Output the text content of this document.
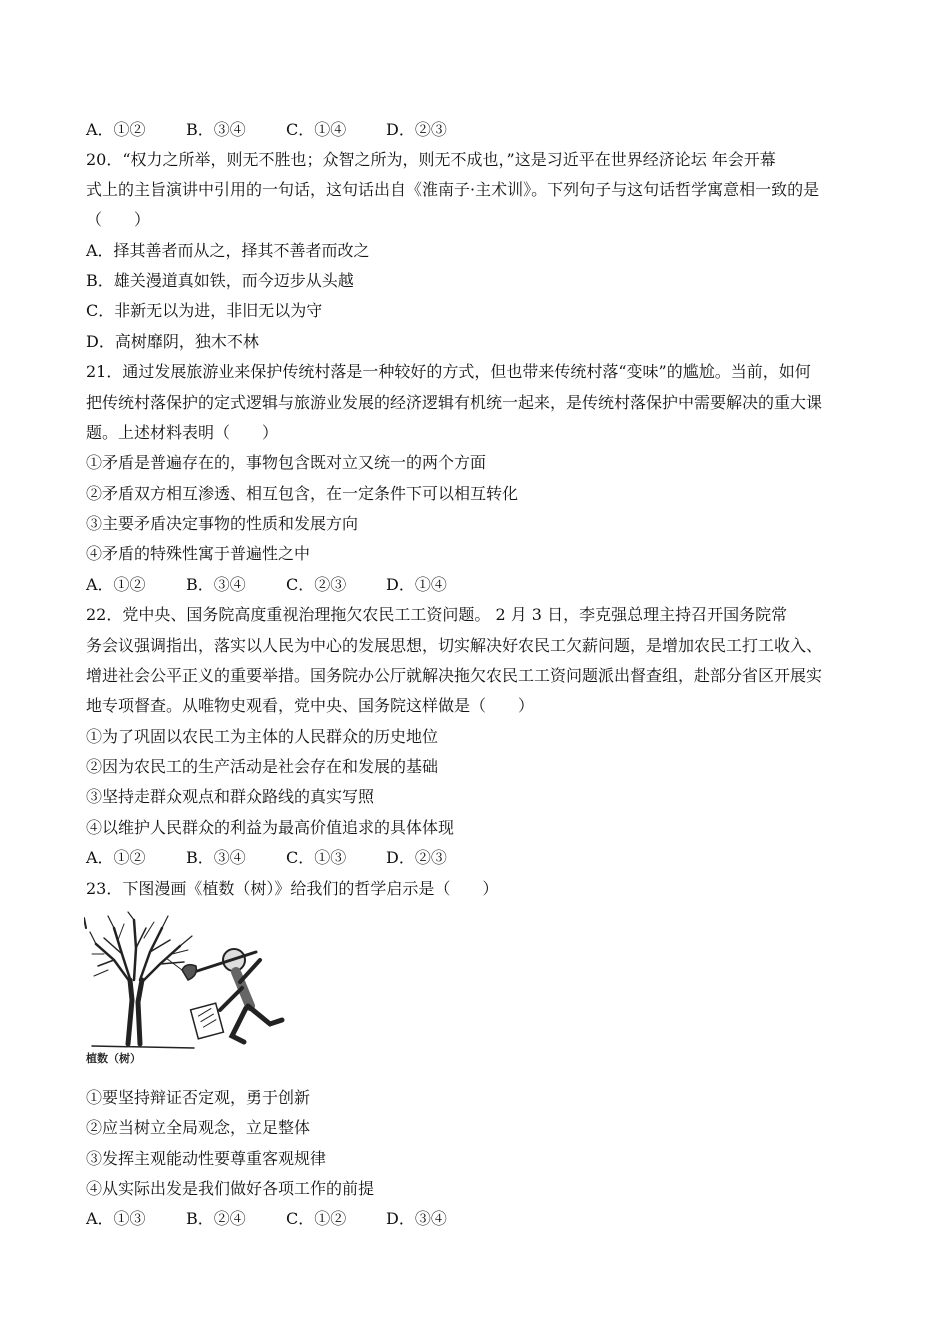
A．①②	B．③④	C．①④	D．②③
20．“权力之所举，则无不胜也；众智之所为，则无不成也，”这是习近平在世界经济论坛 年会开幕
式上的主旨演讲中引用的一句话，这句话出自《淮南子·主术训》。下列句子与这句话哲学寓意相一致的是
（　　）
A．择其善者而从之，择其不善者而改之
B．雄关漫道真如铁，而今迈步从头越
C．非新无以为进，非旧无以为守
D．高树靡阴，独木不林
21．通过发展旅游业来保护传统村落是一种较好的方式，但也带来传统村落“变味”的尴尬。当前，如何
把传统村落保护的定式逻辑与旅游业发展的经济逻辑有机统一起来，是传统村落保护中需要解决的重大课
题。上述材料表明（　　）
①矛盾是普遍存在的，事物包含既对立又统一的两个方面
②矛盾双方相互渗透、相互包含，在一定条件下可以相互转化
③主要矛盾决定事物的性质和发展方向
④矛盾的特殊性寓于普遍性之中
A．①②	B．③④	C．②③	D．①④
22．党中央、国务院高度重视治理拖欠农民工工资问题。 2 月 3 日，李克强总理主持召开国务院常
务会议强调指出，落实以人民为中心的发展思想，切实解决好农民工欠薪问题，是增加农民工打工收入、
增进社会公平正义的重要举措。国务院办公厅就解决拖欠农民工工资问题派出督查组，赴部分省区开展实
地专项督查。从唯物史观看，党中央、国务院这样做是（　　）
①为了巩固以农民工为主体的人民群众的历史地位
②因为农民工的生产活动是社会存在和发展的基础
③坚持走群众观点和群众路线的真实写照
④以维护人民群众的利益为最高价值追求的具体体现
A．①②	B．③④	C．①③	D．②③
23．下图漫画《植数（树）》给我们的哲学启示是（　　）
植数（树）
①要坚持辩证否定观，勇于创新
②应当树立全局观念，立足整体
③发挥主观能动性要尊重客观规律
④从实际出发是我们做好各项工作的前提
A．①③	B．②④	C．①②	D．③④
